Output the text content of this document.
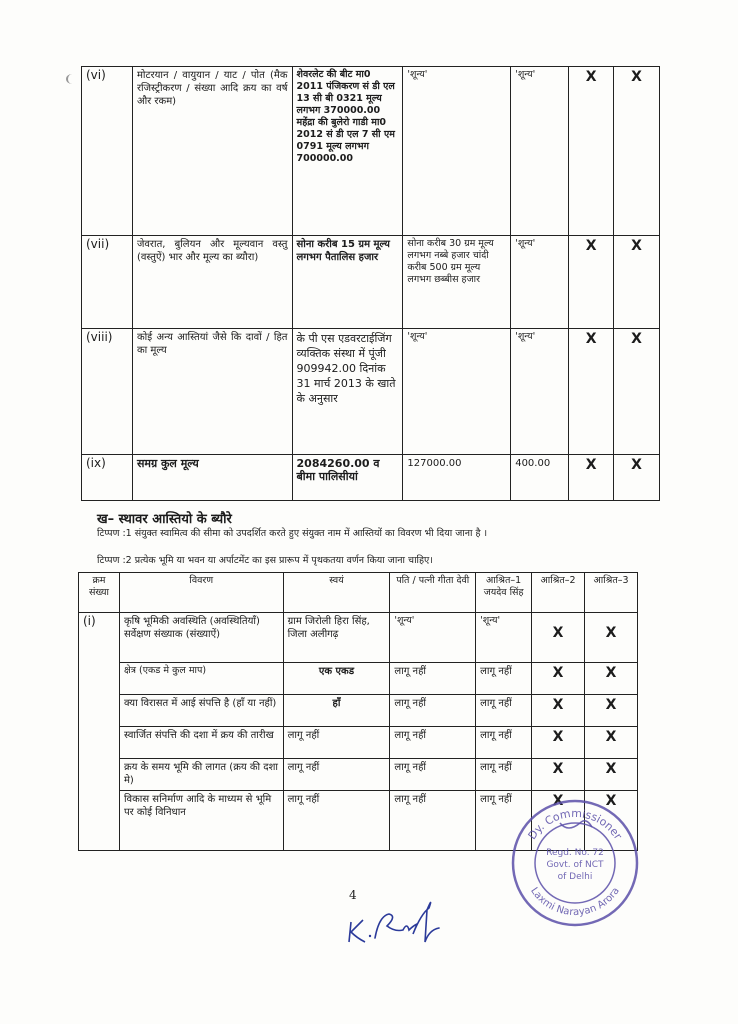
(vi)	मोटरयान / वायुयान / याट / पोत (मैक रजिस्ट्रीकरण / संख्या आदि क्रय का वर्ष और रकम)	शेवरलेट की बीट मा0 2011 पंजिकरण सं डी एल 13 सी बी 0321 मूल्य लगभग 370000.00 महेंद्रा की बुलेरो गाडी मा0 2012 सं डी एल 7 सी एम 0791 मूल्य लगभग 700000.00	'शून्य'	'शून्य'	X	X
(vii)	जेवरात, बुलियन और मूल्यवान वस्तु (वस्तुऐं) भार और मूल्य का ब्यौरा)	सोना करीब 15 ग्रम मूल्य लगभग पैतालिस हजार	सोना करीब 30 ग्रम मूल्य लगभग नब्बे हजार चांदी करीब 500 ग्रम मूल्य लगभग छब्बीस हजार	'शून्य'	X	X
(viii)	कोई अन्य आस्तियां जैसे कि दावों / हित का मूल्य	के पी एस एडवरटाईजिंग व्यक्तिक संस्था में पूंजी 909942.00 दिनांक 31 मार्च 2013 के खाते के अनुसार	'शून्य'	'शून्य'	X	X
(ix)	समग्र कुल मूल्य	2084260.00 व बीमा पालिसीयां	127000.00	400.00	X	X
ख– स्थावर आस्तियो के ब्यौरे
टिप्पण :1 संयुक्त स्वामित्व की सीमा को उपदर्शित करते हुए संयुक्त नाम में आस्तियों का विवरण भी दिया जाना है ।
टिप्पण :2 प्रत्येक भूमि या भवन या अर्पाटमेंट का इस प्रारूप में पृथकतया वर्णन किया जाना चाहिए।
क्रम संख्या	विवरण	स्वयं	पति / पत्नी गीता देवी	आश्रित–1 जयदेव सिंह	आश्रित–2	आश्रित–3
(i)	कृषि भूमिकी अवस्थिति (अवस्थितियॉं) सर्वेक्षण संख्याक (संख्याऐं)	ग्राम जिरोली हिरा सिंह, जिला अलीगढ़	'शून्य'	'शून्य'	X	X
	क्षेत्र (एकड मे कुल माप)	एक एकड	लागू नहीं	लागू नहीं	X	X
	क्या विरासत में आई संपत्ति है (हॉं या नहीं)	हॉं	लागू नहीं	लागू नहीं	X	X
	स्वार्जित संपत्ति की दशा में क्रय की तारीख	लागू नहीं	लागू नहीं	लागू नहीं	X	X
	क्रय के समय भूमि की लागत (क्रय की दशा मे)	लागू नहीं	लागू नहीं	लागू नहीं	X	X
	विकास सनिर्माण आदि के माध्यम से भूमि पर कोई विनिधान	लागू नहीं	लागू नहीं	लागू नहीं	X	X
Dy. Commissioner
Laxmi Narayan Arora
Regd. No. 72
Govt. of NCT
of Delhi
4
